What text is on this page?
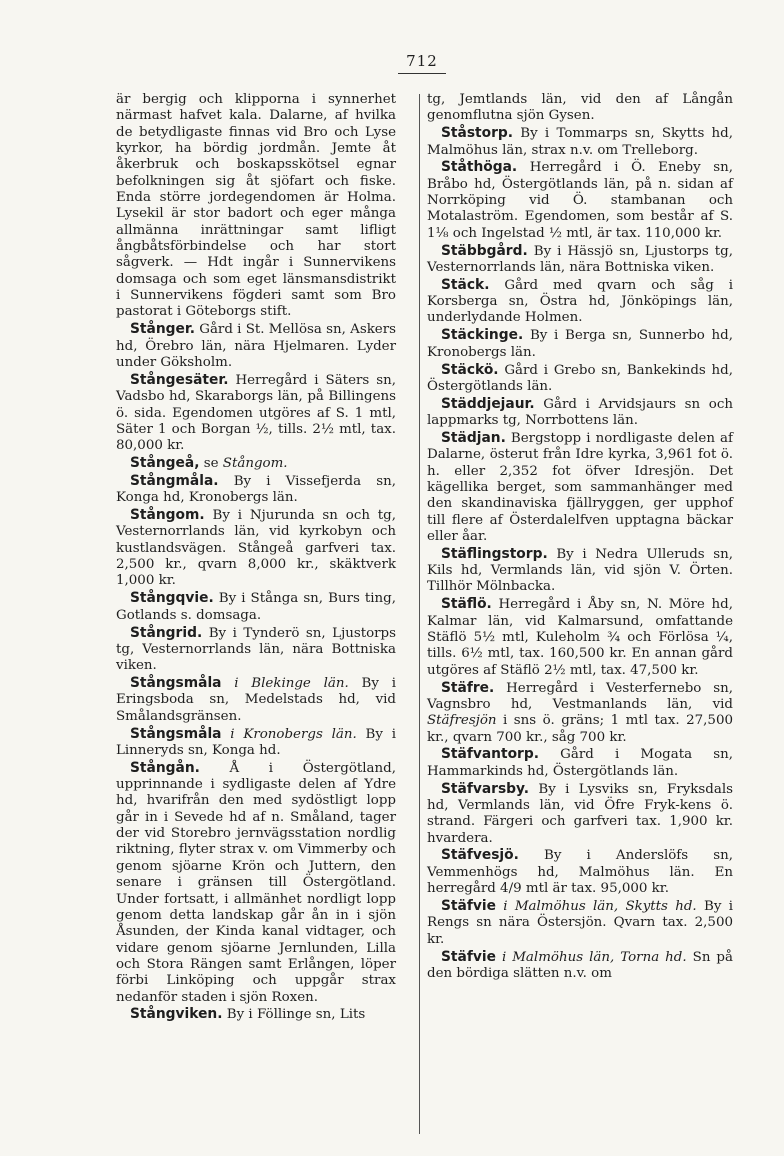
712

är bergig och klipporna i synnerhet närmast hafvet kala. Dalarne, af hvilka de betydligaste finnas vid Bro och Lyse kyrkor, ha bördig jordmån. Jemte åt åkerbruk och boskapsskötsel egnar befolkningen sig åt sjöfart och fiske. Enda större jordegendomen är Holma. Lysekil är stor badort och eger många allmänna inrättningar samt lifligt ångbåtsförbindelse och har stort sågverk. — Hdt ingår i Sunnervikens domsaga och som eget länsmansdistrikt i Sunnervikens fögderi samt som Bro pastorat i Göteborgs stift.

Stånger. Gård i St. Mellösa sn, Askers hd, Örebro län, nära Hjelmaren. Lyder under Göksholm.

Stångesäter. Herregård i Säters sn, Vadsbo hd, Skaraborgs län, på Billingens ö. sida. Egendomen utgöres af S. 1 mtl, Säter 1 och Borgan ½, tills. 2½ mtl, tax. 80,000 kr.

Stångeå, se Stångom.

Stångmåla. By i Vissefjerda sn, Konga hd, Kronobergs län.

Stångom. By i Njurunda sn och tg, Vesternorrlands län, vid kyrkobyn och kustlandsvägen. Stångeå garfveri tax. 2,500 kr., qvarn 8,000 kr., skäktverk 1,000 kr.

Stångqvie. By i Stånga sn, Burs ting, Gotlands s. domsaga.

Stångrid. By i Tynderö sn, Ljustorps tg, Vesternorrlands län, nära Bottniska viken.

Stångsmåla i Blekinge län. By i Eringsboda sn, Medelstads hd, vid Smålandsgränsen.

Stångsmåla i Kronobergs län. By i Linneryds sn, Konga hd.

Stångån. Å i Östergötland, upprinnande i sydligaste delen af Ydre hd, hvarifrån den med sydöstligt lopp går in i Sevede hd af n. Småland, tager der vid Storebro jernvägsstation nordlig riktning, flyter strax v. om Vimmerby och genom sjöarne Krön och Juttern, den senare i gränsen till Östergötland. Under fortsatt, i allmänhet nordligt lopp genom detta landskap går ån in i sjön Åsunden, der Kinda kanal vidtager, och vidare genom sjöarne Jernlunden, Lilla och Stora Rängen samt Erlången, löper förbi Linköping och uppgår strax nedanför staden i sjön Roxen.

Stångviken. By i Föllinge sn, Lits

tg, Jemtlands län, vid den af Långån genomflutna sjön Gysen.

Ståstorp. By i Tommarps sn, Skytts hd, Malmöhus län, strax n.v. om Trelleborg.

Ståthöga. Herregård i Ö. Eneby sn, Bråbo hd, Östergötlands län, på n. sidan af Norrköping vid Ö. stambanan och Motalaström. Egendomen, som består af S. 1⅛ och Ingelstad ½ mtl, är tax. 110,000 kr.

Stäbbgård. By i Hässjö sn, Ljustorps tg, Vesternorrlands län, nära Bottniska viken.

Stäck. Gård med qvarn och såg i Korsberga sn, Östra hd, Jönköpings län, underlydande Holmen.

Stäckinge. By i Berga sn, Sunnerbo hd, Kronobergs län.

Stäckö. Gård i Grebo sn, Bankekinds hd, Östergötlands län.

Städdjejaur. Gård i Arvidsjaurs sn och lappmarks tg, Norrbottens län.

Städjan. Bergstopp i nordligaste delen af Dalarne, österut från Idre kyrka, 3,961 fot ö. h. eller 2,352 fot öfver Idresjön. Det kägellika berget, som sammanhänger med den skandinaviska fjällryggen, ger upphof till flere af Österdalelfven upptagna bäckar eller åar.

Stäflingstorp. By i Nedra Ulleruds sn, Kils hd, Vermlands län, vid sjön V. Örten. Tillhör Mölnbacka.

Stäflö. Herregård i Åby sn, N. Möre hd, Kalmar län, vid Kalmarsund, omfattande Stäflö 5½ mtl, Kuleholm ¾ och Förlösa ¼, tills. 6½ mtl, tax. 160,500 kr. En annan gård utgöres af Stäflö 2½ mtl, tax. 47,500 kr.

Stäfre. Herregård i Vesterfernebo sn, Vagnsbro hd, Vestmanlands län, vid Stäfresjön i sns ö. gräns; 1 mtl tax. 27,500 kr., qvarn 700 kr., såg 700 kr.

Stäfvantorp. Gård i Mogata sn, Hammarkinds hd, Östergötlands län.

Stäfvarsby. By i Lysviks sn, Fryksdals hd, Vermlands län, vid Öfre Fryk-kens ö. strand. Färgeri och garfveri tax. 1,900 kr. hvardera.

Stäfvesjö. By i Anderslöfs sn, Vemmenhögs hd, Malmöhus län. En herregård 4/9 mtl är tax. 95,000 kr.

Stäfvie i Malmöhus län, Skytts hd. By i Rengs sn nära Östersjön. Qvarn tax. 2,500 kr.

Stäfvie i Malmöhus län, Torna hd. Sn på den bördiga slätten n.v. om
